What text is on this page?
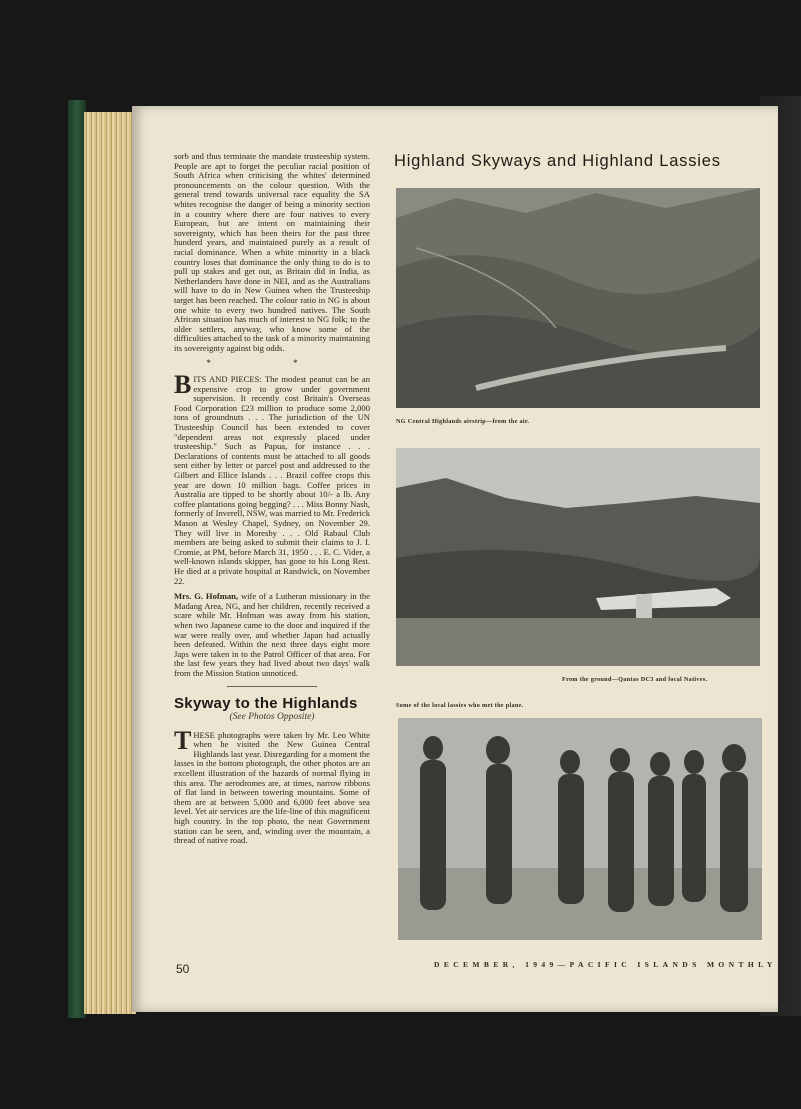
sorb and thus terminate the mandate trusteeship system. People are apt to forget the peculiar racial position of South Africa when criticising the whites' determined pronouncements on the colour question. With the general trend towards universal race equality the SA whites recognise the danger of being a minority section in a country where there are four natives to every European, but are intent on maintaining their sovereignty, which has been theirs for the past three hunderd years, and maintained purely as a result of racial dominance. When a white minority in a black country loses that dominance the only thing to do is to pull up stakes and get out, as Britain did in India, as Netherlanders have done in NEI, and as the Australians will have to do in New Guinea when the Trusteeship target has been reached. The colour ratio in NG is about one white to every two hundred natives. The South African situation has much of interest to NG folk; to the older settlers, anyway, who know some of the difficulties attached to the task of a minority maintaining its sovereignty against big odds.

* *

BITS AND PIECES: The modest peanut can be an expensive crop to grow under government supervision. It recently cost Britain's Overseas Food Corporation £23 million to produce some 2,000 tons of groundnuts . . . The jurisdiction of the UN Trusteeship Council has been extended to cover "dependent areas not expressly placed under trusteeship." Such as Papua, for instance . . . Declarations of contents must be attached to all goods sent either by letter or parcel post and addressed to the Gilbert and Ellice Islands . . . Brazil coffee crops this year are down 10 million bags. Coffee prices in Australia are tipped to be shortly about 10/- a lb. Any coffee plantations going begging? . . . Miss Bonny Nash, formerly of Inverell, NSW, was married to Mr. Frederick Mason at Wesley Chapel, Sydney, on November 29. They will live in Moresby . . . Old Rabaul Club members are being asked to submit their claims to J. I. Cromie, at PM, before March 31, 1950 . . . E. C. Vider, a well-known islands skipper, has gone to his Long Rest. He died at a private hospital at Randwick, on November 22.

Mrs. G. Hofman, wife of a Lutheran missionary in the Madang Area, NG, and her children, recently received a scare while Mr. Hofman was away from his station, when two Japanese came to the door and inquired if the war were really over, and whether Japan had actually been defeated. Within the next three days eight more Japs were taken in to the Patrol Officer of that area. For the last few years they had lived about two days' walk from the Mission Station unnoticed.

Skyway to the Highlands
(See Photos Opposite)

THESE photographs were taken by Mr. Leo White when he visited the New Guinea Central Highlands last year. Disregarding for a moment the lasses in the bottom photograph, the other photos are an excellent illustration of the hazards of normal flying in this area. The aerodromes are, at times, narrow ribbons of flat land in between towering mountains. Some of them are at between 5,000 and 6,000 feet above sea level. Yet air services are the life-line of this magnificent high country. In the top photo, the neat Government station can be seen, and, winding over the mountain, a thread of native road.

50
Highland Skyways and Highland Lassies
NG Central Highlands airstrip—from the air.
From the ground—Qantas DC3 and local Natives.
Some of the local lassies who met the plane.
DECEMBER, 1949—PACIFIC ISLANDS MONTHLY
